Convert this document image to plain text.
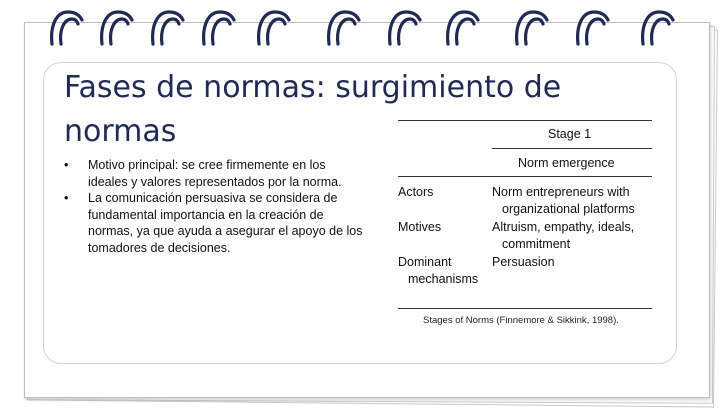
Fases de normas: surgimiento de normas
• Motivo principal: se cree firmemente en los ideales y valores representados por la norma.
• La comunicación persuasiva se considera de fundamental importancia en la creación de normas, ya que ayuda a asegurar el apoyo de los tomadores de decisiones.
Stage 1
Norm emergence
Actors	Norm entrepreneurs with
organizational platforms
Motives	Altruism, empathy, ideals,
commitment
Dominant
mechanisms
Persuasion
Stages of Norms (Finnemore & Sikkink, 1998).
